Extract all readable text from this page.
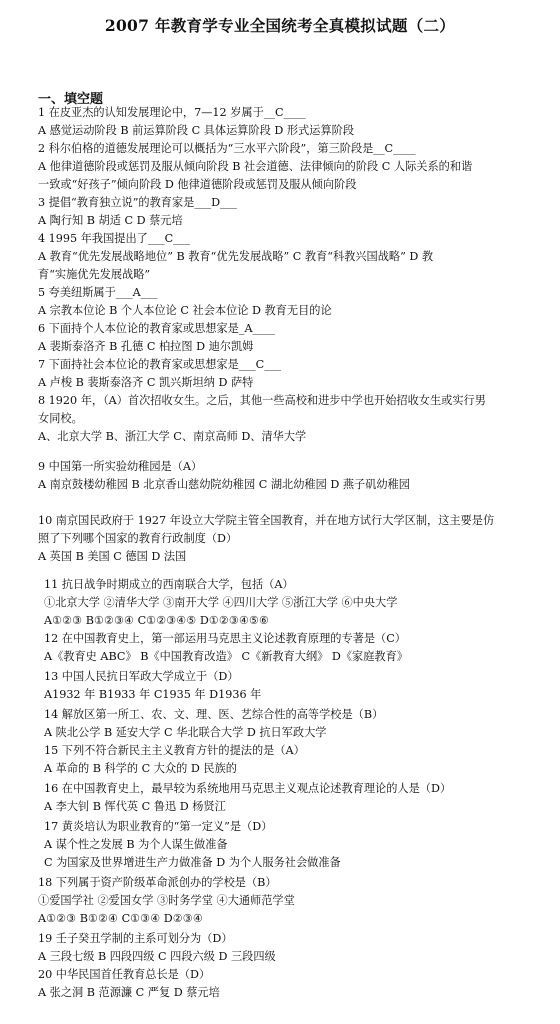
​
2007 年教育学专业全国统考全真模拟试题（二）
一、填空题
1 在皮亚杰的认知发展理论中，7—12 岁属于__C____
A 感觉运动阶段 B 前运算阶段 C 具体运算阶段 D 形式运算阶段
2 科尔伯格的道德发展理论可以概括为“三水平六阶段”，第三阶段是__C____
A 他律道德阶段或惩罚及服从倾向阶段 B 社会道德、法律倾向的阶段 C 人际关系的和谐
一致或“好孩子”倾向阶段 D 他律道德阶段或惩罚及服从倾向阶段
3 提倡“教育独立说”的教育家是___D___
A 陶行知 B 胡适 C D 蔡元培
4 1995 年我国提出了___C___
A 教育“优先发展战略地位” B 教育“优先发展战略” C 教育“科教兴国战略” D 教
育“实施优先发展战略”
5 夸美纽斯属于___A___
A 宗教本位论 B 个人本位论 C 社会本位论 D 教育无目的论
6 下面持个人本位论的教育家或思想家是_A____
A 裴斯泰洛齐 B 孔德 C 柏拉图 D 迪尔凯姆
7 下面持社会本位论的教育家或思想家是___C___
A 卢梭 B 裴斯泰洛齐 C 凯兴斯坦纳 D 萨特
8 1920 年，（A）首次招收女生。之后，其他一些高校和进步中学也开始招收女生或实行男
女同校。
A、北京大学 B、浙江大学 C、南京高师 D、清华大学
9 中国第一所实验幼稚园是（A）
A 南京鼓楼幼稚园 B 北京香山慈幼院幼稚园 C 湖北幼稚园 D 燕子矶幼稚园
10 南京国民政府于 1927 年设立大学院主管全国教育，并在地方试行大学区制，这主要是仿
照了下列哪个国家的教育行政制度（D）
A 英国 B 美国 C 德国 D 法国
11 抗日战争时期成立的西南联合大学，包括（A）
①北京大学 ②清华大学 ③南开大学 ④四川大学 ⑤浙江大学 ⑥中央大学
A①②③ B①②③④ C①②③④⑤ D①②③④⑤⑥
12 在中国教育史上，第一部运用马克思主义论述教育原理的专著是（C）
A《教育史 ABC》 B《中国教育改造》 C《新教育大纲》 D《家庭教育》
13 中国人民抗日军政大学成立于（D）
A1932 年 B1933 年 C1935 年 D1936 年
14 解放区第一所工、农、文、理、医、艺综合性的高等学校是（B）
A 陕北公学 B 延安大学 C 华北联合大学 D 抗日军政大学
15 下列不符合新民主主义教育方针的提法的是（A）
A 革命的 B 科学的 C 大众的 D 民族的
16 在中国教育史上，最早较为系统地用马克思主义观点论述教育理论的人是（D）
A 李大钊 B 恽代英 C 鲁迅 D 杨贤江
17 黄炎培认为职业教育的“第一定义”是（D）
A 谋个性之发展 B 为个人谋生做准备
C 为国家及世界增进生产力做准备 D 为个人服务社会做准备
18 下列属于资产阶级革命派创办的学校是（B）
①爱国学社 ②爱国女学 ③时务学堂 ④大通师范学堂
A①②③ B①②④ C①③④ D②③④
19 壬子癸丑学制的主系可划分为（D）
A 三段七级 B 四段四级 C 四段六级 D 三段四级
20 中华民国首任教育总长是（D）
A 张之洞 B 范源濂 C 严复 D 蔡元培
